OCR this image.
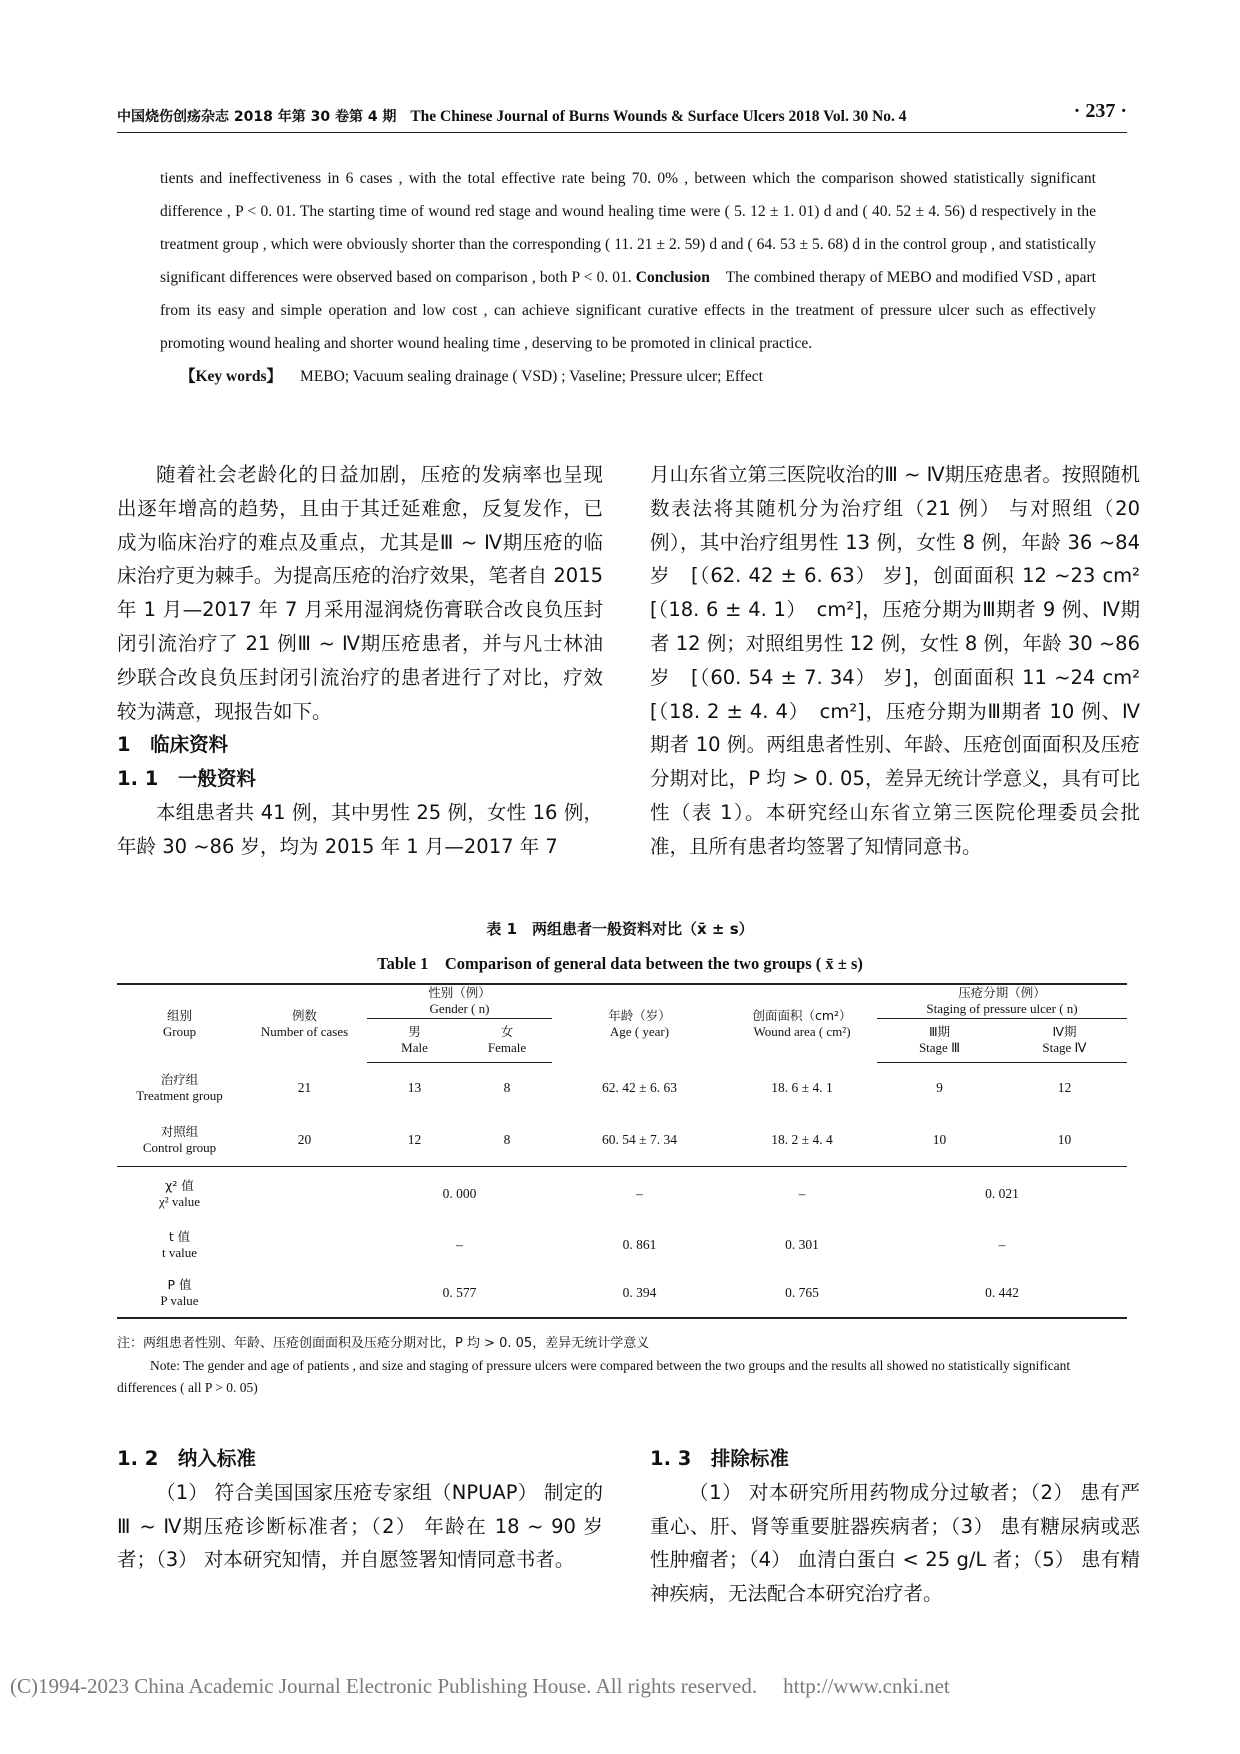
中国烧伤创疡杂志 2018 年第 30 卷第 4 期 The Chinese Journal of Burns Wounds & Surface Ulcers 2018 Vol. 30 No. 4	· 237 ·

tients and ineffectiveness in 6 cases , with the total effective rate being 70. 0% , between which the comparison showed statistically significant difference , P < 0. 01. The starting time of wound red stage and wound healing time were ( 5. 12 ± 1. 01) d and ( 40. 52 ± 4. 56) d respectively in the treatment group , which were obviously shorter than the corresponding ( 11. 21 ± 2. 59) d and ( 64. 53 ± 5. 68) d in the control group , and statistically significant differences were observed based on comparison , both P < 0. 01. Conclusion The combined therapy of MEBO and modified VSD , apart from its easy and simple operation and low cost , can achieve significant curative effects in the treatment of pressure ulcer such as effectively promoting wound healing and shorter wound healing time , deserving to be promoted in clinical practice.

【Key words】 MEBO; Vacuum sealing drainage ( VSD) ; Vaseline; Pressure ulcer; Effect

随着社会老龄化的日益加剧，压疮的发病率也呈现出逐年增高的趋势，且由于其迁延难愈，反复发作，已成为临床治疗的难点及重点，尤其是Ⅲ ~ Ⅳ期压疮的临床治疗更为棘手。为提高压疮的治疗效果，笔者自 2015 年 1 月—2017 年 7 月采用湿润烧伤膏联合改良负压封闭引流治疗了 21 例Ⅲ ~ Ⅳ期压疮患者，并与凡士林油纱联合改良负压封闭引流治疗的患者进行了对比，疗效较为满意，现报告如下。

1　临床资料

1. 1　一般资料

本组患者共 41 例，其中男性 25 例，女性 16 例，年龄 30 ~86 岁，均为 2015 年 1 月—2017 年 7

月山东省立第三医院收治的Ⅲ ~ Ⅳ期压疮患者。按照随机数表法将其随机分为治疗组（21 例） 与对照组（20 例），其中治疗组男性 13 例，女性 8 例，年龄 36 ~84 岁　[（62. 42 ± 6. 63） 岁]，创面面积 12 ~23 cm²　[（18. 6 ± 4. 1）　cm²]，压疮分期为Ⅲ期者 9 例、Ⅳ期者 12 例；对照组男性 12 例，女性 8 例，年龄 30 ~86 岁　[（60. 54 ± 7. 34） 岁]，创面面积 11 ~24 cm²　[（18. 2 ± 4. 4）　cm²]，压疮分期为Ⅲ期者 10 例、Ⅳ期者 10 例。两组患者性别、年龄、压疮创面面积及压疮分期对比，P 均 > 0. 05，差异无统计学意义，具有可比性（表 1）。本研究经山东省立第三医院伦理委员会批准，且所有患者均签署了知情同意书。

表 1　两组患者一般资料对比（x̄ ± s）
Table 1　Comparison of general data between the two groups ( x̄ ± s)
组别
Group	例数
Number of cases	性别（例）
Gender ( n)		年龄（岁）
Age ( year)	创面面积（cm²）
Wound area ( cm²)	压疮分期（例）
Staging of pressure ulcer ( n)	

		男
Male	女
Female			Ⅲ期
Stage Ⅲ	Ⅳ期
Stage Ⅳ

治疗组
Treatment group	21	13	8	62. 42 ± 6. 63	18. 6 ± 4. 1	9	12

对照组
Control group	20	12	8	60. 54 ± 7. 34	18. 2 ± 4. 4	10	10

χ² 值
χ² value		0. 000		–	–	0. 021	

t 值
t value		–		0. 861	0. 301	–	

P 值
P value		0. 577		0. 394	0. 765	0. 442	
注：两组患者性别、年龄、压疮创面面积及压疮分期对比，P 均 > 0. 05，差异无统计学意义
Note: The gender and age of patients , and size and staging of pressure ulcers were compared between the two groups and the results all showed no statistically significant differences ( all P > 0. 05)

1. 2　纳入标准

（1） 符合美国国家压疮专家组（NPUAP） 制定的Ⅲ ~ Ⅳ期压疮诊断标准者；（2） 年龄在 18 ~ 90 岁者；（3） 对本研究知情，并自愿签署知情同意书者。

1. 3　排除标准

（1） 对本研究所用药物成分过敏者；（2） 患有严重心、肝、肾等重要脏器疾病者；（3） 患有糖尿病或恶性肿瘤者；（4） 血清白蛋白 < 25 g/L 者；（5） 患有精神疾病，无法配合本研究治疗者。

(C)1994-2023 China Academic Journal Electronic Publishing House. All rights reserved. http://www.cnki.net
